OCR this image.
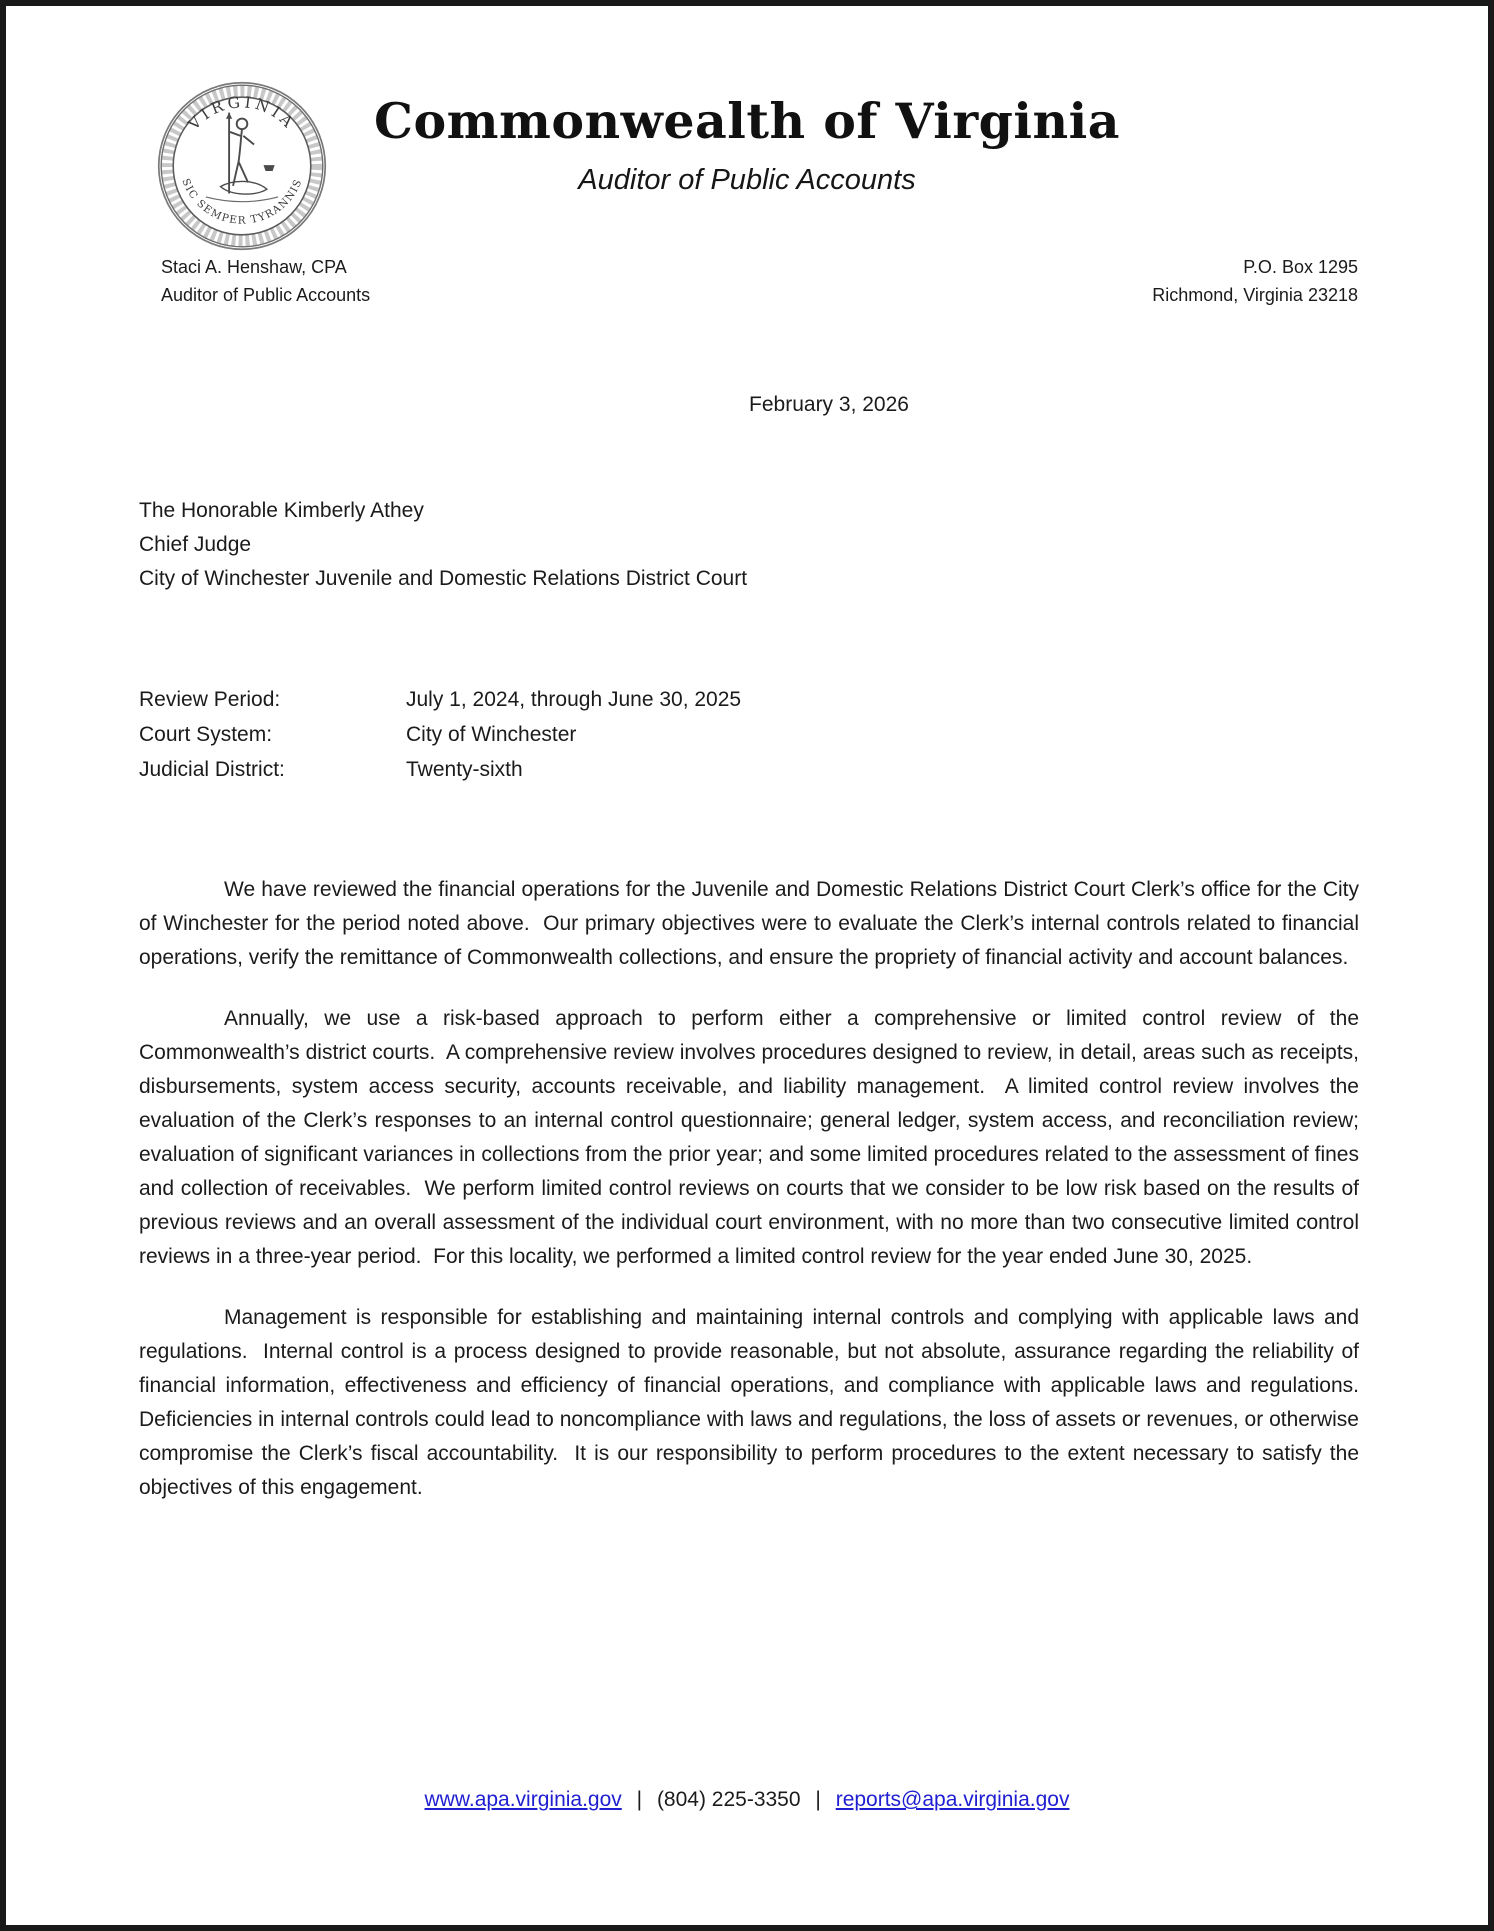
VIRGINIA
SIC SEMPER TYRANNIS
Commonwealth of Virginia
Auditor of Public Accounts
Staci A. Henshaw, CPA
Auditor of Public Accounts
P.O. Box 1295
Richmond, Virginia 23218
February 3, 2026
The Honorable Kimberly Athey
Chief Judge
City of Winchester Juvenile and Domestic Relations District Court
Review Period:	July 1, 2024, through June 30, 2025
Court System:	City of Winchester
Judicial District:	Twenty-sixth

We have reviewed the financial operations for the Juvenile and Domestic Relations District Court Clerk’s office for the City of Winchester for the period noted above.  Our primary objectives were to evaluate the Clerk’s internal controls related to financial operations, verify the remittance of Commonwealth collections, and ensure the propriety of financial activity and account balances.

Annually, we use a risk-based approach to perform either a comprehensive or limited control review of the Commonwealth’s district courts.  A comprehensive review involves procedures designed to review, in detail, areas such as receipts, disbursements, system access security, accounts receivable, and liability management.  A limited control review involves the evaluation of the Clerk’s responses to an internal control questionnaire; general ledger, system access, and reconciliation review; evaluation of significant variances in collections from the prior year; and some limited procedures related to the assessment of fines and collection of receivables.  We perform limited control reviews on courts that we consider to be low risk based on the results of previous reviews and an overall assessment of the individual court environment, with no more than two consecutive limited control reviews in a three-year period.  For this locality, we performed a limited control review for the year ended June 30, 2025.

Management is responsible for establishing and maintaining internal controls and complying with applicable laws and regulations.  Internal control is a process designed to provide reasonable, but not absolute, assurance regarding the reliability of financial information, effectiveness and efficiency of financial operations, and compliance with applicable laws and regulations.  Deficiencies in internal controls could lead to noncompliance with laws and regulations, the loss of assets or revenues, or otherwise compromise the Clerk’s fiscal accountability.  It is our responsibility to perform procedures to the extent necessary to satisfy the objectives of this engagement.

www.apa.virginia.gov | (804) 225-3350 | reports@apa.virginia.gov
